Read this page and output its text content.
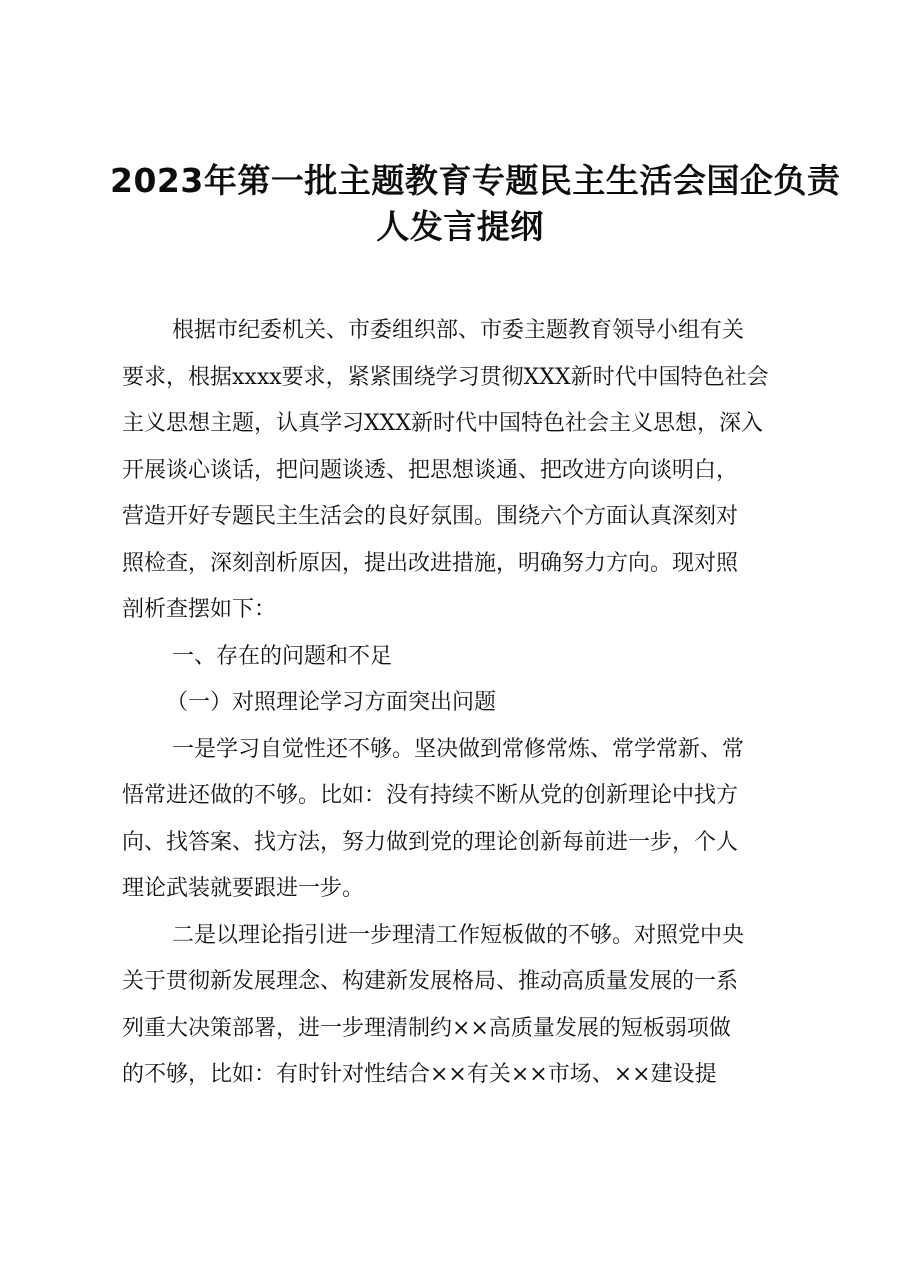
2023年第一批主题教育专题民主生活会国企负责
人发言提纲
根据市纪委机关、市委组织部、市委主题教育领导小组有关
要求，根据xxxx要求，紧紧围绕学习贯彻XXX新时代中国特色社会
主义思想主题，认真学习XXX新时代中国特色社会主义思想，深入
开展谈心谈话，把问题谈透、把思想谈通、把改进方向谈明白，
营造开好专题民主生活会的良好氛围。围绕六个方面认真深刻对
照检查，深刻剖析原因，提出改进措施，明确努力方向。现对照
剖析查摆如下：
一、存在的问题和不足
（一）对照理论学习方面突出问题
一是学习自觉性还不够。坚决做到常修常炼、常学常新、常
悟常进还做的不够。比如：没有持续不断从党的创新理论中找方
向、找答案、找方法，努力做到党的理论创新每前进一步，个人
理论武装就要跟进一步。
二是以理论指引进一步理清工作短板做的不够。对照党中央
关于贯彻新发展理念、构建新发展格局、推动高质量发展的一系
列重大决策部署，进一步理清制约××高质量发展的短板弱项做
的不够，比如：有时针对性结合××有关××市场、××建设提
